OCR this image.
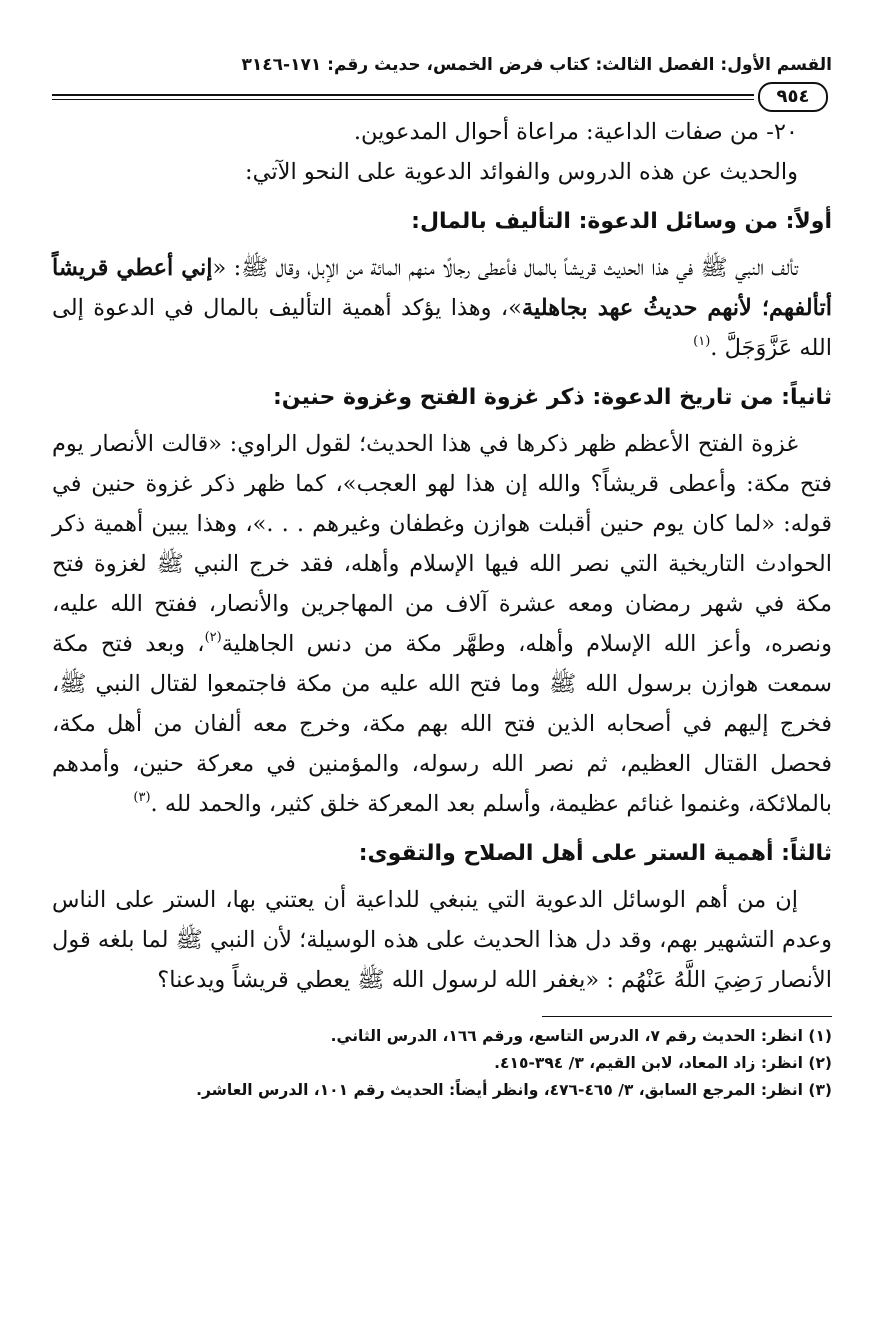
القسم الأول: الفصل الثالث: كتاب فرض الخمس، حديث رقم: ١٧١-٣١٤٦
٩٥٤

٢٠- من صفات الداعية: مراعاة أحوال المدعوين.

والحديث عن هذه الدروس والفوائد الدعوية على النحو الآتي:

أولاً: من وسائل الدعوة: التأليف بالمال:

تألف النبي ﷺ في هذا الحديث قريشاً بالمال فأعطى رجالًا منهم المائة من الإبل، وقال ﷺ: «إني أعطي قريشاً أتألفهم؛ لأنهم حديثُ عهد بجاهلية»، وهذا يؤكد أهمية التأليف بالمال في الدعوة إلى الله عَزَّوَجَلَّ .$^{(١)}$

ثانياً: من تاريخ الدعوة: ذكر غزوة الفتح وغزوة حنين:

غزوة الفتح الأعظم ظهر ذكرها في هذا الحديث؛ لقول الراوي: «قالت الأنصار يوم فتح مكة: وأعطى قريشاً؟ والله إن هذا لهو العجب»، كما ظهر ذكر غزوة حنين في قوله: «لما كان يوم حنين أقبلت هوازن وغطفان وغيرهم . . .»، وهذا يبين أهمية ذكر الحوادث التاريخية التي نصر الله فيها الإسلام وأهله، فقد خرج النبي ﷺ لغزوة فتح مكة في شهر رمضان ومعه عشرة آلاف من المهاجرين والأنصار، ففتح الله عليه، ونصره، وأعز الله الإسلام وأهله، وطهَّر مكة من دنس الجاهلية$^{(٢)}$، وبعد فتح مكة سمعت هوازن برسول الله ﷺ وما فتح الله عليه من مكة فاجتمعوا لقتال النبي ﷺ، فخرج إليهم في أصحابه الذين فتح الله بهم مكة، وخرج معه ألفان من أهل مكة، فحصل القتال العظيم، ثم نصر الله رسوله، والمؤمنين في معركة حنين، وأمدهم بالملائكة، وغنموا غنائم عظيمة، وأسلم بعد المعركة خلق كثير، والحمد لله .$^{(٣)}$

ثالثاً: أهمية الستر على أهل الصلاح والتقوى:

إن من أهم الوسائل الدعوية التي ينبغي للداعية أن يعتني بها، الستر على الناس وعدم التشهير بهم، وقد دل هذا الحديث على هذه الوسيلة؛ لأن النبي ﷺ لما بلغه قول الأنصار رَضِيَ اللَّهُ عَنْهُم : «يغفر الله لرسول الله ﷺ يعطي قريشاً ويدعنا؟

(١) انظر: الحديث رقم ٧، الدرس التاسع، ورقم ١٦٦، الدرس الثاني.
(٢) انظر: زاد المعاد، لابن القيم، ٣/ ٣٩٤-٤١٥.
(٣) انظر: المرجع السابق، ٣/ ٤٦٥-٤٧٦، وانظر أيضاً: الحديث رقم ١٠١، الدرس العاشر.
